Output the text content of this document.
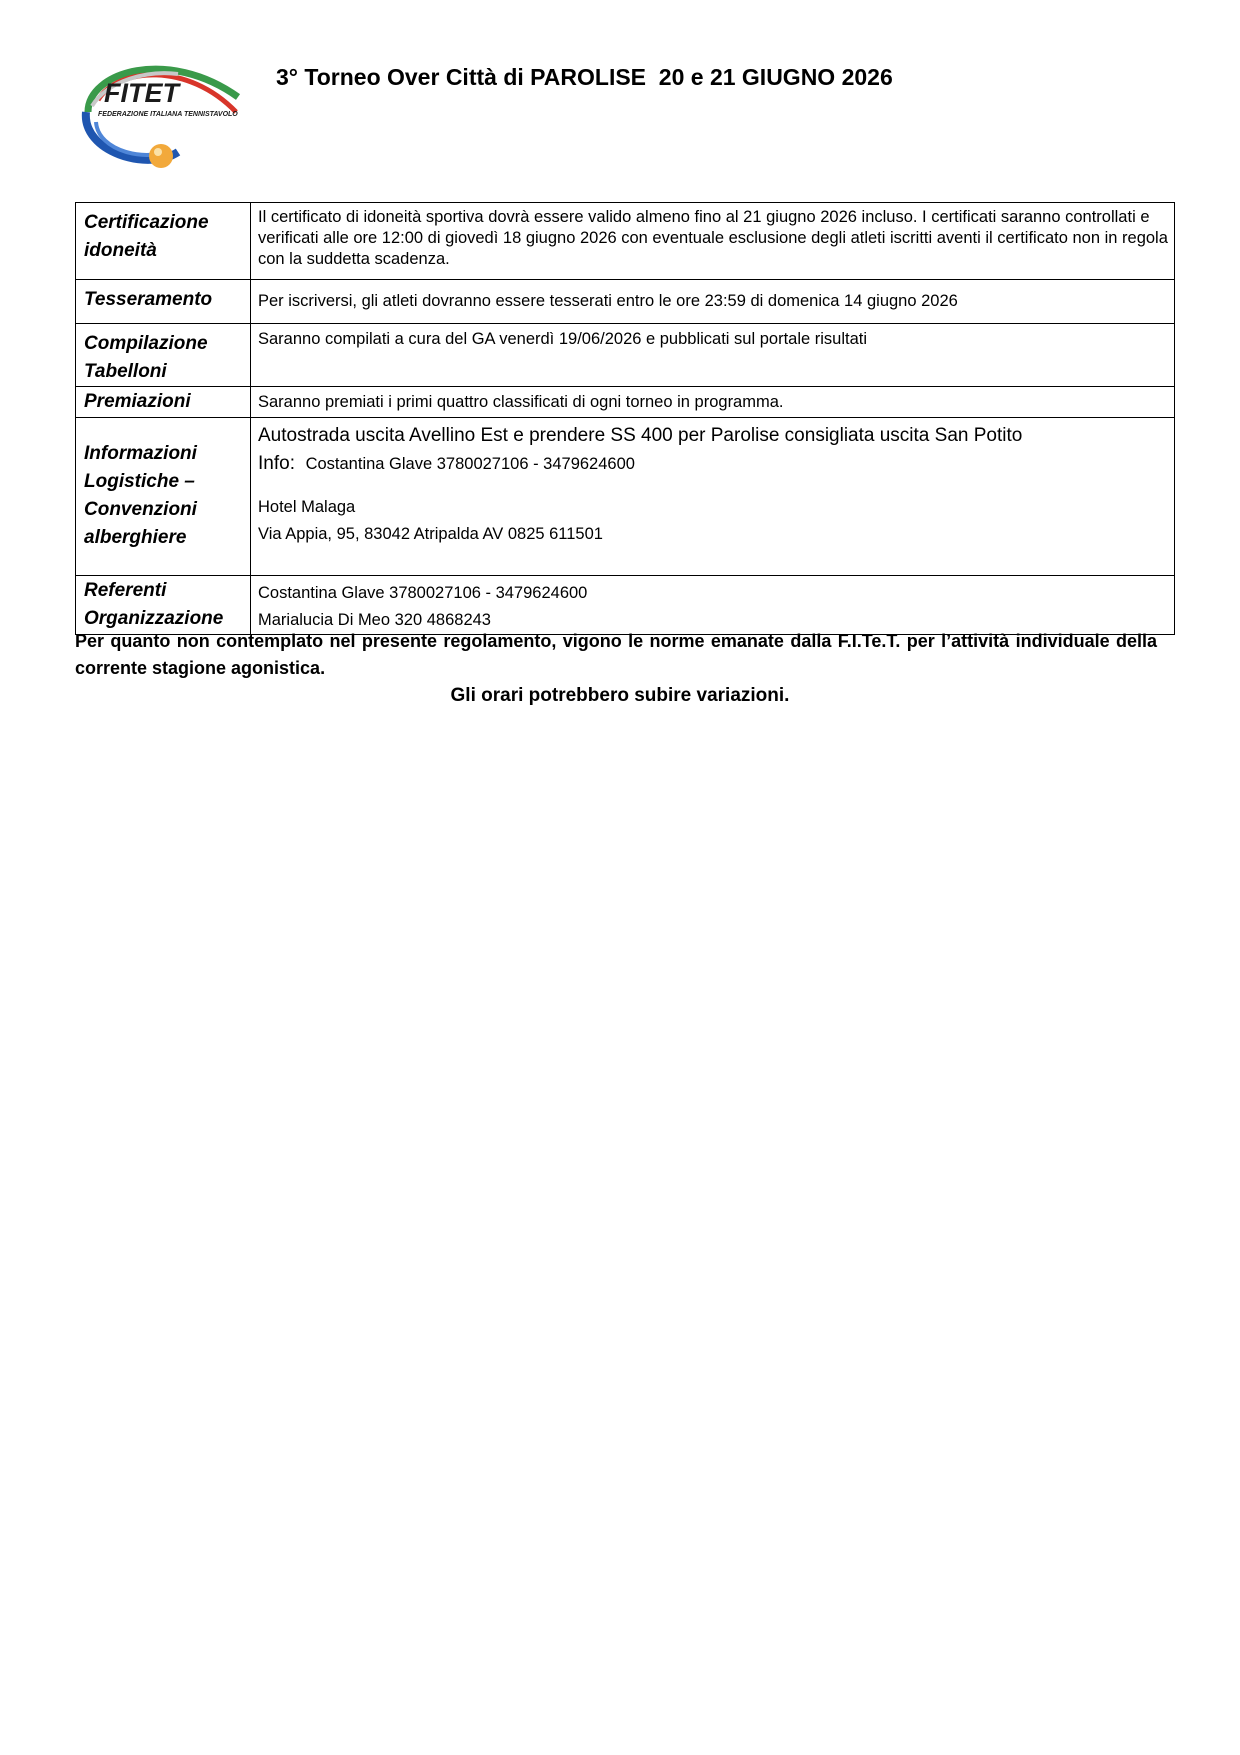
FITET
FEDERAZIONE ITALIANA TENNISTAVOLO
3° Torneo Over Città di PAROLISE  20 e 21 GIUGNO 2026
Certificazione idoneità	Il certificato di idoneità sportiva dovrà essere valido almeno fino al 21 giugno 2026 incluso. I certificati saranno controllati e verificati alle ore 12:00 di giovedì 18 giugno 2026 con eventuale esclusione degli atleti iscritti aventi il certificato non in regola con la suddetta scadenza.

Tesseramento	Per iscriversi, gli atleti dovranno essere tesserati entro le ore 23:59 di domenica 14 giugno 2026

Compilazione Tabelloni	Saranno compilati a cura del GA venerdì 19/06/2026 e pubblicati sul portale risultati

Premiazioni	Saranno premiati i primi quattro classificati di ogni torneo in programma.

Informazioni Logistiche – Convenzioni alberghiere	Autostrada uscita Avellino Est e prendere SS 400 per Parolise consigliata uscita San Potito
Info: Costantina Glave 3780027106 - 3479624600
Hotel Malaga
Via Appia, 95, 83042 Atripalda AV 0825 611501

Referenti Organizzazione	Costantina Glave 3780027106 - 3479624600
Marialucia Di Meo 320 4868243
Per quanto non contemplato nel presente regolamento, vigono le norme emanate dalla F.I.Te.T. per l’attività individuale della corrente stagione agonistica.
Gli orari potrebbero subire variazioni.
